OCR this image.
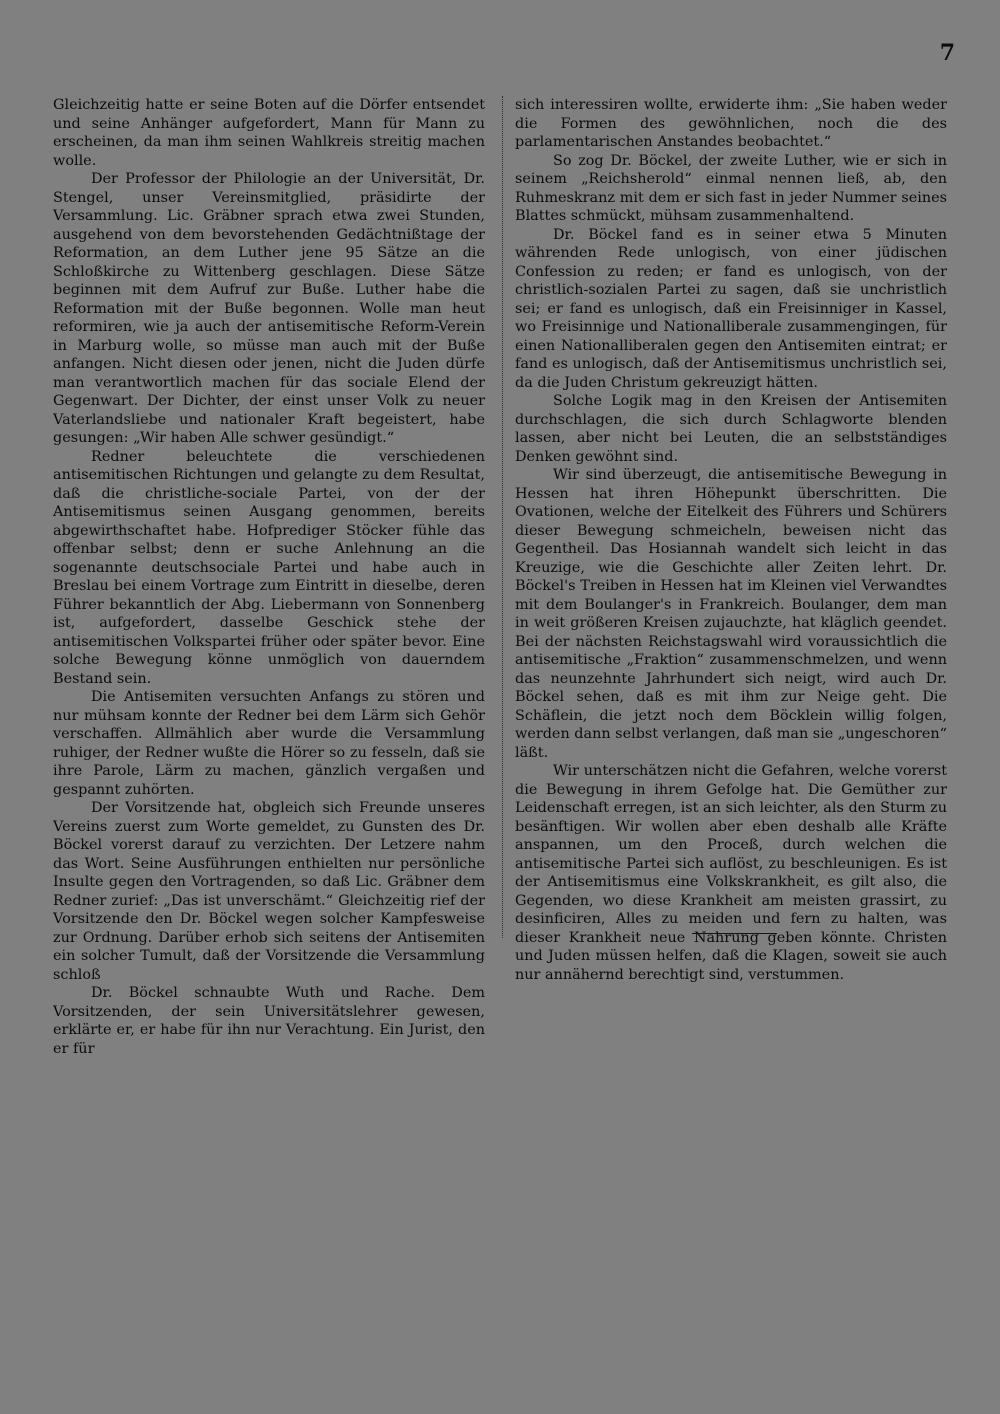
7

Gleichzeitig hatte er seine Boten auf die Dörfer entsendet und seine Anhänger aufgefordert, Mann für Mann zu erscheinen, da man ihm seinen Wahlkreis streitig machen wolle.

Der Professor der Philologie an der Universität, Dr. Stengel, unser Vereinsmitglied, präsidirte der Versammlung. Lic. Gräbner sprach etwa zwei Stunden, ausgehend von dem bevorstehenden Gedächtnißtage der Reformation, an dem Luther jene 95 Sätze an die Schloßkirche zu Wittenberg geschlagen. Diese Sätze beginnen mit dem Aufruf zur Buße. Luther habe die Reformation mit der Buße begonnen. Wolle man heut reformiren, wie ja auch der antisemitische Reform-Verein in Marburg wolle, so müsse man auch mit der Buße anfangen. Nicht diesen oder jenen, nicht die Juden dürfe man verantwortlich machen für das sociale Elend der Gegenwart. Der Dichter, der einst unser Volk zu neuer Vaterlandsliebe und nationaler Kraft begeistert, habe gesungen: „Wir haben Alle schwer gesündigt.“

Redner beleuchtete die verschiedenen antisemitischen Richtungen und gelangte zu dem Resultat, daß die christliche-sociale Partei, von der der Antisemitismus seinen Ausgang genommen, bereits abgewirthschaftet habe. Hofprediger Stöcker fühle das offenbar selbst; denn er suche Anlehnung an die sogenannte deutschsociale Partei und habe auch in Breslau bei einem Vortrage zum Eintritt in dieselbe, deren Führer bekanntlich der Abg. Liebermann von Sonnenberg ist, aufgefordert, dasselbe Geschick stehe der antisemitischen Volkspartei früher oder später bevor. Eine solche Bewegung könne unmöglich von dauerndem Bestand sein.

Die Antisemiten versuchten Anfangs zu stören und nur mühsam konnte der Redner bei dem Lärm sich Gehör verschaffen. Allmählich aber wurde die Versammlung ruhiger, der Redner wußte die Hörer so zu fesseln, daß sie ihre Parole, Lärm zu machen, gänzlich vergaßen und gespannt zuhörten.

Der Vorsitzende hat, obgleich sich Freunde unseres Vereins zuerst zum Worte gemeldet, zu Gunsten des Dr. Böckel vorerst darauf zu verzichten. Der Letzere nahm das Wort. Seine Ausführungen enthielten nur persönliche Insulte gegen den Vortragenden, so daß Lic. Gräbner dem Redner zurief: „Das ist unverschämt.“ Gleichzeitig rief der Vorsitzende den Dr. Böckel wegen solcher Kampfesweise zur Ordnung. Darüber erhob sich seitens der Antisemiten ein solcher Tumult, daß der Vorsitzende die Versammlung schloß

Dr. Böckel schnaubte Wuth und Rache. Dem Vorsitzenden, der sein Universitätslehrer gewesen, erklärte er, er habe für ihn nur Verachtung. Ein Jurist, den er für

sich interessiren wollte, erwiderte ihm: „Sie haben weder die Formen des gewöhnlichen, noch die des parlamentarischen Anstandes beobachtet.“

So zog Dr. Böckel, der zweite Luther, wie er sich in seinem „Reichsherold“ einmal nennen ließ, ab, den Ruhmeskranz mit dem er sich fast in jeder Nummer seines Blattes schmückt, mühsam zusammenhaltend.

Dr. Böckel fand es in seiner etwa 5 Minuten währenden Rede unlogisch, von einer jüdischen Confession zu reden; er fand es unlogisch, von der christlich-sozialen Partei zu sagen, daß sie unchristlich sei; er fand es unlogisch, daß ein Freisinniger in Kassel, wo Freisinnige und Nationalliberale zusammengingen, für einen Nationalliberalen gegen den Antisemiten eintrat; er fand es unlogisch, daß der Antisemitismus unchristlich sei, da die Juden Christum gekreuzigt hätten.

Solche Logik mag in den Kreisen der Antisemiten durchschlagen, die sich durch Schlagworte blenden lassen, aber nicht bei Leuten, die an selbstständiges Denken gewöhnt sind.

Wir sind überzeugt, die antisemitische Bewegung in Hessen hat ihren Höhepunkt überschritten. Die Ovationen, welche der Eitelkeit des Führers und Schürers dieser Bewegung schmeicheln, beweisen nicht das Gegentheil. Das Hosiannah wandelt sich leicht in das Kreuzige, wie die Geschichte aller Zeiten lehrt. Dr. Böckel's Treiben in Hessen hat im Kleinen viel Verwandtes mit dem Boulanger's in Frankreich. Boulanger, dem man in weit größeren Kreisen zujauchzte, hat kläglich geendet. Bei der nächsten Reichstagswahl wird voraussichtlich die antisemitische „Fraktion“ zusammenschmelzen, und wenn das neunzehnte Jahrhundert sich neigt, wird auch Dr. Böckel sehen, daß es mit ihm zur Neige geht. Die Schäflein, die jetzt noch dem Böcklein willig folgen, werden dann selbst verlangen, daß man sie „ungeschoren“ läßt.

Wir unterschätzen nicht die Gefahren, welche vorerst die Bewegung in ihrem Gefolge hat. Die Gemüther zur Leidenschaft erregen, ist an sich leichter, als den Sturm zu besänftigen. Wir wollen aber eben deshalb alle Kräfte anspannen, um den Proceß, durch welchen die antisemitische Partei sich auflöst, zu beschleunigen. Es ist der Antisemitismus eine Volkskrankheit, es gilt also, die Gegenden, wo diese Krankheit am meisten grassirt, zu desinficiren, Alles zu meiden und fern zu halten, was dieser Krankheit neue Nahrung geben könnte. Christen und Juden müssen helfen, daß die Klagen, soweit sie auch nur annähernd berechtigt sind, verstummen.
